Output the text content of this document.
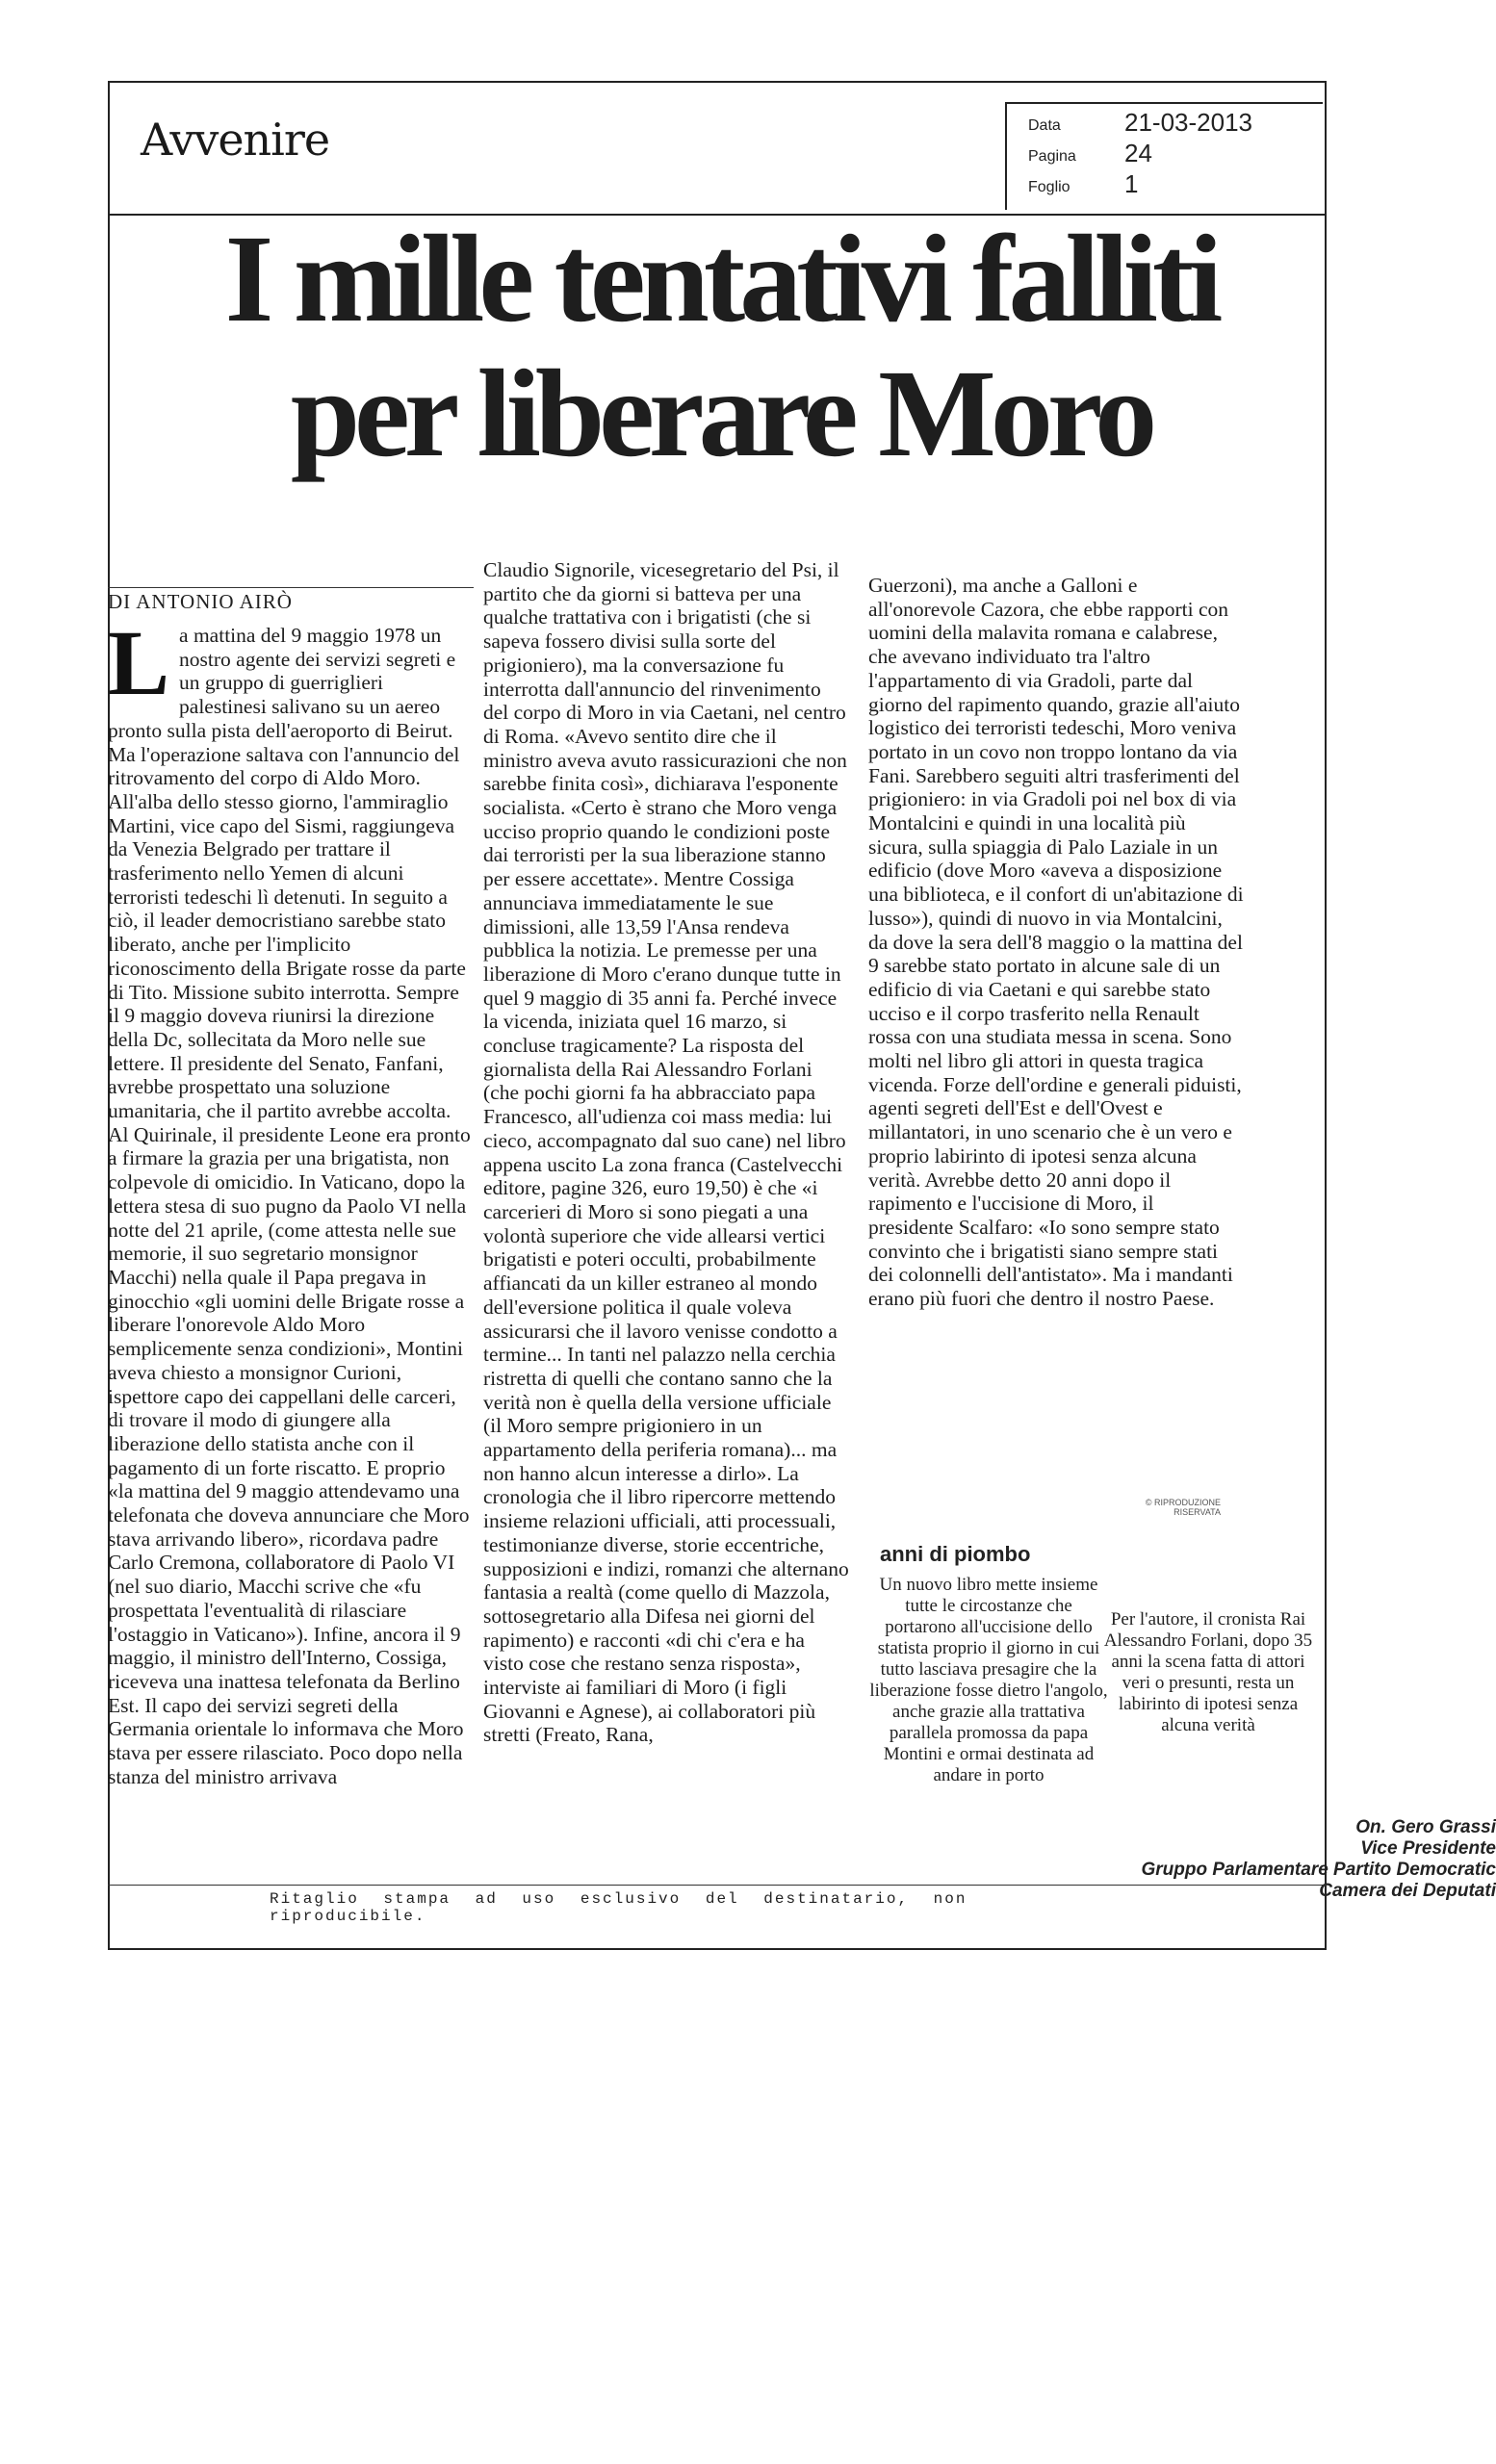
Avvenire	Data	21-03-2013
Pagina	24
Foglio	1
I mille tentativi falliti
per liberare Moro
DI ANTONIO AIRÒ
L a mattina del 9 maggio 1978 un nostro agente dei servizi segreti e un gruppo di guerriglieri palestinesi salivano su un aereo pronto sulla pista dell'aeroporto di Beirut. Ma l'operazione saltava con l'annuncio del ritrovamento del corpo di Aldo Moro. All'alba dello stesso giorno, l'ammiraglio Martini, vice capo del Sismi, raggiungeva da Venezia Belgrado per trattare il trasferimento nello Yemen di alcuni terroristi tedeschi lì detenuti. In seguito a ciò, il leader democristiano sarebbe stato liberato, anche per l'implicito riconoscimento della Brigate rosse da parte di Tito. Missione subito interrotta. Sempre il 9 maggio doveva riunirsi la direzione della Dc, sollecitata da Moro nelle sue lettere. Il presidente del Senato, Fanfani, avrebbe prospettato una soluzione umanitaria, che il partito avrebbe accolta. Al Quirinale, il presidente Leone era pronto a firmare la grazia per una brigatista, non colpevole di omicidio. In Vaticano, dopo la lettera stesa di suo pugno da Paolo VI nella notte del 21 aprile, (come attesta nelle sue memorie, il suo segretario monsignor Macchi) nella quale il Papa pregava in ginocchio «gli uomini delle Brigate rosse a liberare l'onorevole Aldo Moro semplicemente senza condizioni», Montini aveva chiesto a monsignor Curioni, ispettore capo dei cappellani delle carceri, di trovare il modo di giungere alla liberazione dello statista anche con il pagamento di un forte riscatto. E proprio «la mattina del 9 maggio attendevamo una telefonata che doveva annunciare che Moro stava arrivando libero», ricordava padre Carlo Cremona, collaboratore di Paolo VI (nel suo diario, Macchi scrive che «fu prospettata l'eventualità di rilasciare l'ostaggio in Vaticano»). Infine, ancora il 9 maggio, il ministro dell'Interno, Cossiga, riceveva una inattesa telefonata da Berlino Est. Il capo dei servizi segreti della Germania orientale lo informava che Moro stava per essere rilasciato. Poco dopo nella stanza del ministro arrivava

Claudio Signorile, vicesegretario del Psi, il partito che da giorni si batteva per una qualche trattativa con i brigatisti (che si sapeva fossero divisi sulla sorte del prigioniero), ma la conversazione fu interrotta dall'annuncio del rinvenimento del corpo di Moro in via Caetani, nel centro di Roma. «Avevo sentito dire che il ministro aveva avuto rassicurazioni che non sarebbe finita così», dichiarava l'esponente socialista. «Certo è strano che Moro venga ucciso proprio quando le condizioni poste dai terroristi per la sua liberazione stanno per essere accettate». Mentre Cossiga annunciava immediatamente le sue dimissioni, alle 13,59 l'Ansa rendeva pubblica la notizia. Le premesse per una liberazione di Moro c'erano dunque tutte in quel 9 maggio di 35 anni fa. Perché invece la vicenda, iniziata quel 16 marzo, si concluse tragicamente? La risposta del giornalista della Rai Alessandro Forlani (che pochi giorni fa ha abbracciato papa Francesco, all'udienza coi mass media: lui cieco, accompagnato dal suo cane) nel libro appena uscito La zona franca (Castelvecchi editore, pagine 326, euro 19,50) è che «i carcerieri di Moro si sono piegati a una volontà superiore che vide allearsi vertici brigatisti e poteri occulti, probabilmente affiancati da un killer estraneo al mondo dell'eversione politica il quale voleva assicurarsi che il lavoro venisse condotto a termine... In tanti nel palazzo nella cerchia ristretta di quelli che contano sanno che la verità non è quella della versione ufficiale (il Moro sempre prigioniero in un appartamento della periferia romana)... ma non hanno alcun interesse a dirlo». La cronologia che il libro ripercorre mettendo insieme relazioni ufficiali, atti processuali, testimonianze diverse, storie eccentriche, supposizioni e indizi, romanzi che alternano fantasia a realtà (come quello di Mazzola, sottosegretario alla Difesa nei giorni del rapimento) e racconti «di chi c'era e ha visto cose che restano senza risposta», interviste ai familiari di Moro (i figli Giovanni e Agnese), ai collaboratori più stretti (Freato, Rana,

Guerzoni), ma anche a Galloni e all'onorevole Cazora, che ebbe rapporti con uomini della malavita romana e calabrese, che avevano individuato tra l'altro l'appartamento di via Gradoli, parte dal giorno del rapimento quando, grazie all'aiuto logistico dei terroristi tedeschi, Moro veniva portato in un covo non troppo lontano da via Fani. Sarebbero seguiti altri trasferimenti del prigioniero: in via Gradoli poi nel box di via Montalcini e quindi in una località più sicura, sulla spiaggia di Palo Laziale in un edificio (dove Moro «aveva a disposizione una biblioteca, e il confort di un'abitazione di lusso»), quindi di nuovo in via Montalcini, da dove la sera dell'8 maggio o la mattina del 9 sarebbe stato portato in alcune sale di un edificio di via Caetani e qui sarebbe stato ucciso e il corpo trasferito nella Renault rossa con una studiata messa in scena. Sono molti nel libro gli attori in questa tragica vicenda. Forze dell'ordine e generali piduisti, agenti segreti dell'Est e dell'Ovest e millantatori, in uno scenario che è un vero e proprio labirinto di ipotesi senza alcuna verità. Avrebbe detto 20 anni dopo il rapimento e l'uccisione di Moro, il presidente Scalfaro: «Io sono sempre stato convinto che i brigatisti siano sempre stati dei colonnelli dell'antistato». Ma i mandanti erano più fuori che dentro il nostro Paese.

© RIPRODUZIONE RISERVATA
anni di piombo
Un nuovo libro mette insieme tutte le circostanze che portarono all'uccisione dello statista proprio il giorno in cui tutto lasciava presagire che la liberazione fosse dietro l'angolo, anche grazie alla trattativa parallela promossa da papa Montini e ormai destinata ad andare in porto
Per l'autore, il cronista Rai Alessandro Forlani, dopo 35 anni la scena fatta di attori veri o presunti, resta un labirinto di ipotesi senza alcuna verità
On. Gero Grassi
Vice Presidente
Gruppo Parlamentare Partito Democratic
Camera dei Deputati
Ritaglio stampa ad uso esclusivo del destinatario, non riproducibile.
